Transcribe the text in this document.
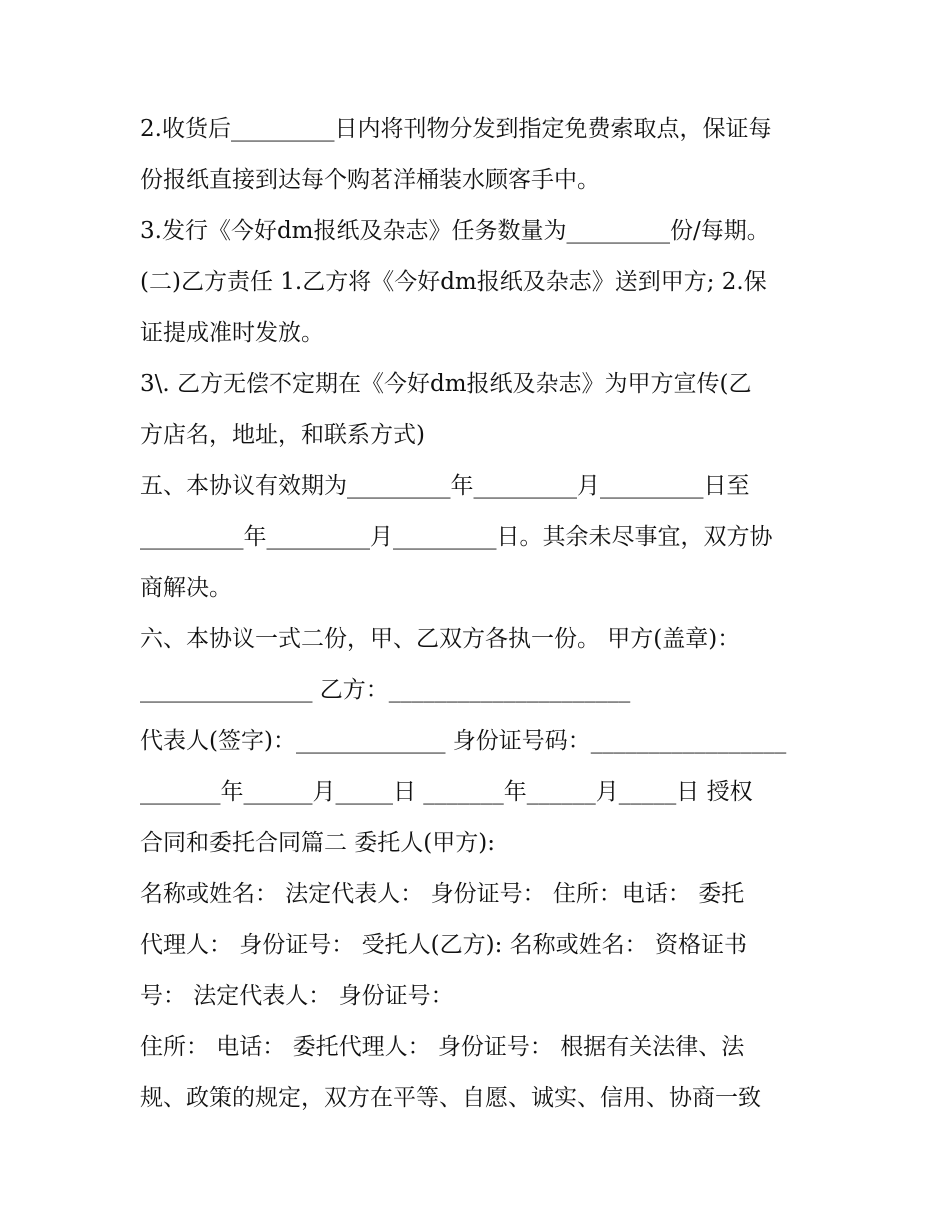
2.收货后_________日内将刊物分发到指定免费索取点，保证每
份报纸直接到达每个购茗洋桶装水顾客手中。
3.发行《今好dm报纸及杂志》任务数量为_________份/每期。
(二)乙方责任 1.乙方将《今好dm报纸及杂志》送到甲方; 2.保
证提成准时发放。
3\. 乙方无偿不定期在《今好dm报纸及杂志》为甲方宣传(乙
方店名，地址，和联系方式)
五、本协议有效期为_________年_________月_________日至
_________年_________月_________日。其余未尽事宜，双方协
商解决。
六、本协议一式二份，甲、乙双方各执一份。 甲方(盖章)：
_______________ 乙方：_____________________
代表人(签字)：_____________ 身份证号码：_________________
_______年______月_____日 _______年______月_____日 授权
合同和委托合同篇二 委托人(甲方):
名称或姓名： 法定代表人： 身份证号： 住所：电话： 委托
代理人： 身份证号： 受托人(乙方): 名称或姓名： 资格证书
号： 法定代表人： 身份证号：
住所： 电话： 委托代理人： 身份证号： 根据有关法律、法
规、政策的规定，双方在平等、自愿、诚实、信用、协商一致
